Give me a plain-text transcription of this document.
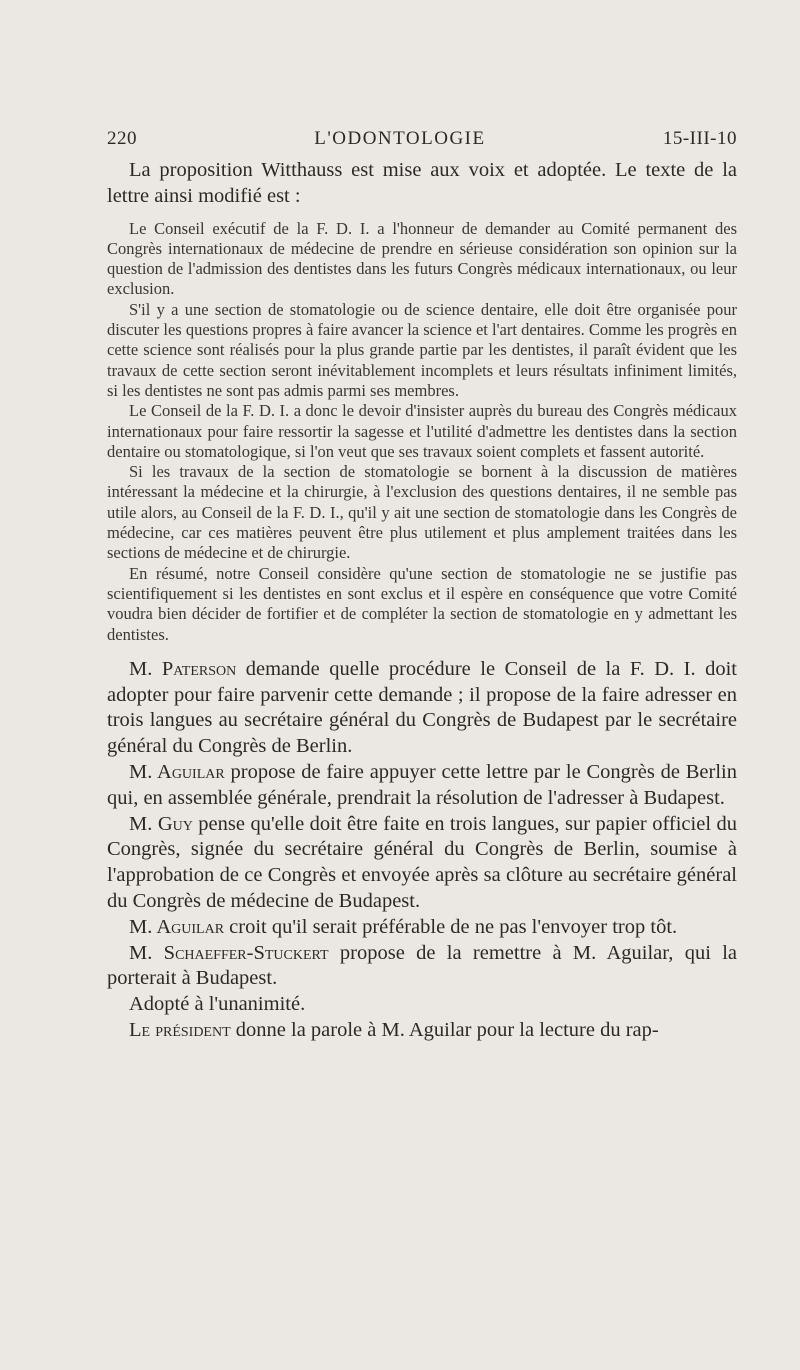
220	L'ODONTOLOGIE	15-III-10

La proposition Witthauss est mise aux voix et adoptée. Le texte de la lettre ainsi modifié est :

Le Conseil exécutif de la F. D. I. a l'honneur de demander au Comité permanent des Congrès internationaux de médecine de prendre en sérieuse considération son opinion sur la question de l'admission des dentistes dans les futurs Congrès médicaux internationaux, ou leur exclusion.

S'il y a une section de stomatologie ou de science dentaire, elle doit être organisée pour discuter les questions propres à faire avancer la science et l'art dentaires. Comme les progrès en cette science sont réalisés pour la plus grande partie par les dentistes, il paraît évident que les travaux de cette section seront inévitablement incomplets et leurs résultats infiniment limités, si les dentistes ne sont pas admis parmi ses membres.

Le Conseil de la F. D. I. a donc le devoir d'insister auprès du bureau des Congrès médicaux internationaux pour faire ressortir la sagesse et l'utilité d'admettre les dentistes dans la section dentaire ou stomatologique, si l'on veut que ses travaux soient complets et fassent autorité.

Si les travaux de la section de stomatologie se bornent à la discussion de matières intéressant la médecine et la chirurgie, à l'exclusion des questions dentaires, il ne semble pas utile alors, au Conseil de la F. D. I., qu'il y ait une section de stomatologie dans les Congrès de médecine, car ces matières peuvent être plus utilement et plus amplement traitées dans les sections de médecine et de chirurgie.

En résumé, notre Conseil considère qu'une section de stomatologie ne se justifie pas scientifiquement si les dentistes en sont exclus et il espère en conséquence que votre Comité voudra bien décider de fortifier et de compléter la section de stomatologie en y admettant les dentistes.

M. Paterson demande quelle procédure le Conseil de la F. D. I. doit adopter pour faire parvenir cette demande ; il propose de la faire adresser en trois langues au secrétaire général du Congrès de Budapest par le secrétaire général du Congrès de Berlin.

M. Aguilar propose de faire appuyer cette lettre par le Congrès de Berlin qui, en assemblée générale, prendrait la résolution de l'adresser à Budapest.

M. Guy pense qu'elle doit être faite en trois langues, sur papier officiel du Congrès, signée du secrétaire général du Congrès de Berlin, soumise à l'approbation de ce Congrès et envoyée après sa clôture au secrétaire général du Congrès de médecine de Budapest.

M. Aguilar croit qu'il serait préférable de ne pas l'envoyer trop tôt.

M. Schaeffer-Stuckert propose de la remettre à M. Aguilar, qui la porterait à Budapest.

Adopté à l'unanimité.

Le président donne la parole à M. Aguilar pour la lecture du rap-
